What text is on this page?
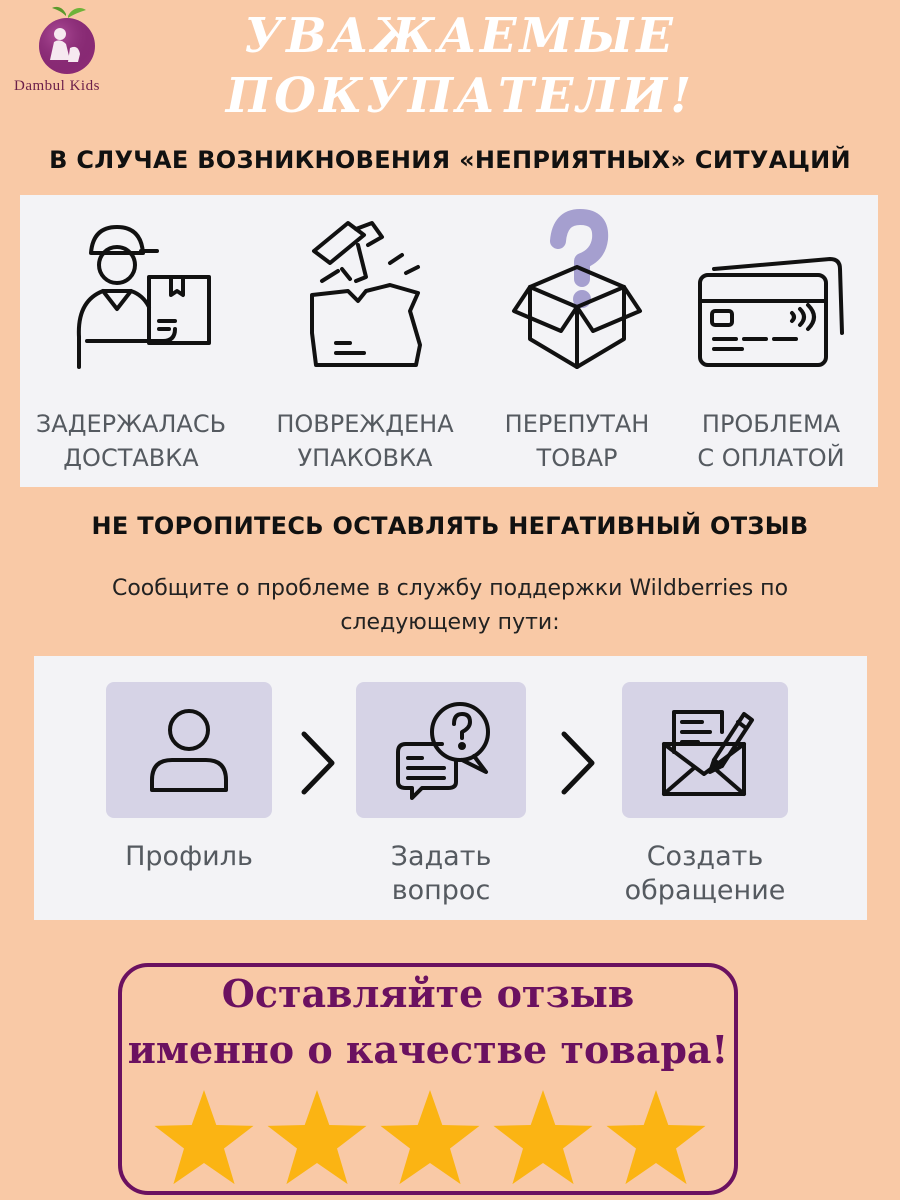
Dambul Kids
УВАЖАЕМЫЕ
ПОКУПАТЕЛИ!
В СЛУЧАЕ ВОЗНИКНОВЕНИЯ «НЕПРИЯТНЫХ» СИТУАЦИЙ
ЗАДЕРЖАЛАСЬ
ДОСТАВКА
ПОВРЕЖДЕНА
УПАКОВКА
ПЕРЕПУТАН
ТОВАР
ПРОБЛЕМА
С ОПЛАТОЙ
НЕ ТОРОПИТЕСЬ ОСТАВЛЯТЬ НЕГАТИВНЫЙ ОТЗЫВ
Сообщите о проблеме в службу поддержки Wildberries по
следующему пути:
Профиль	Задать
вопрос
Создать
обращение
Оставляйте отзыв
именно о качестве товара!
